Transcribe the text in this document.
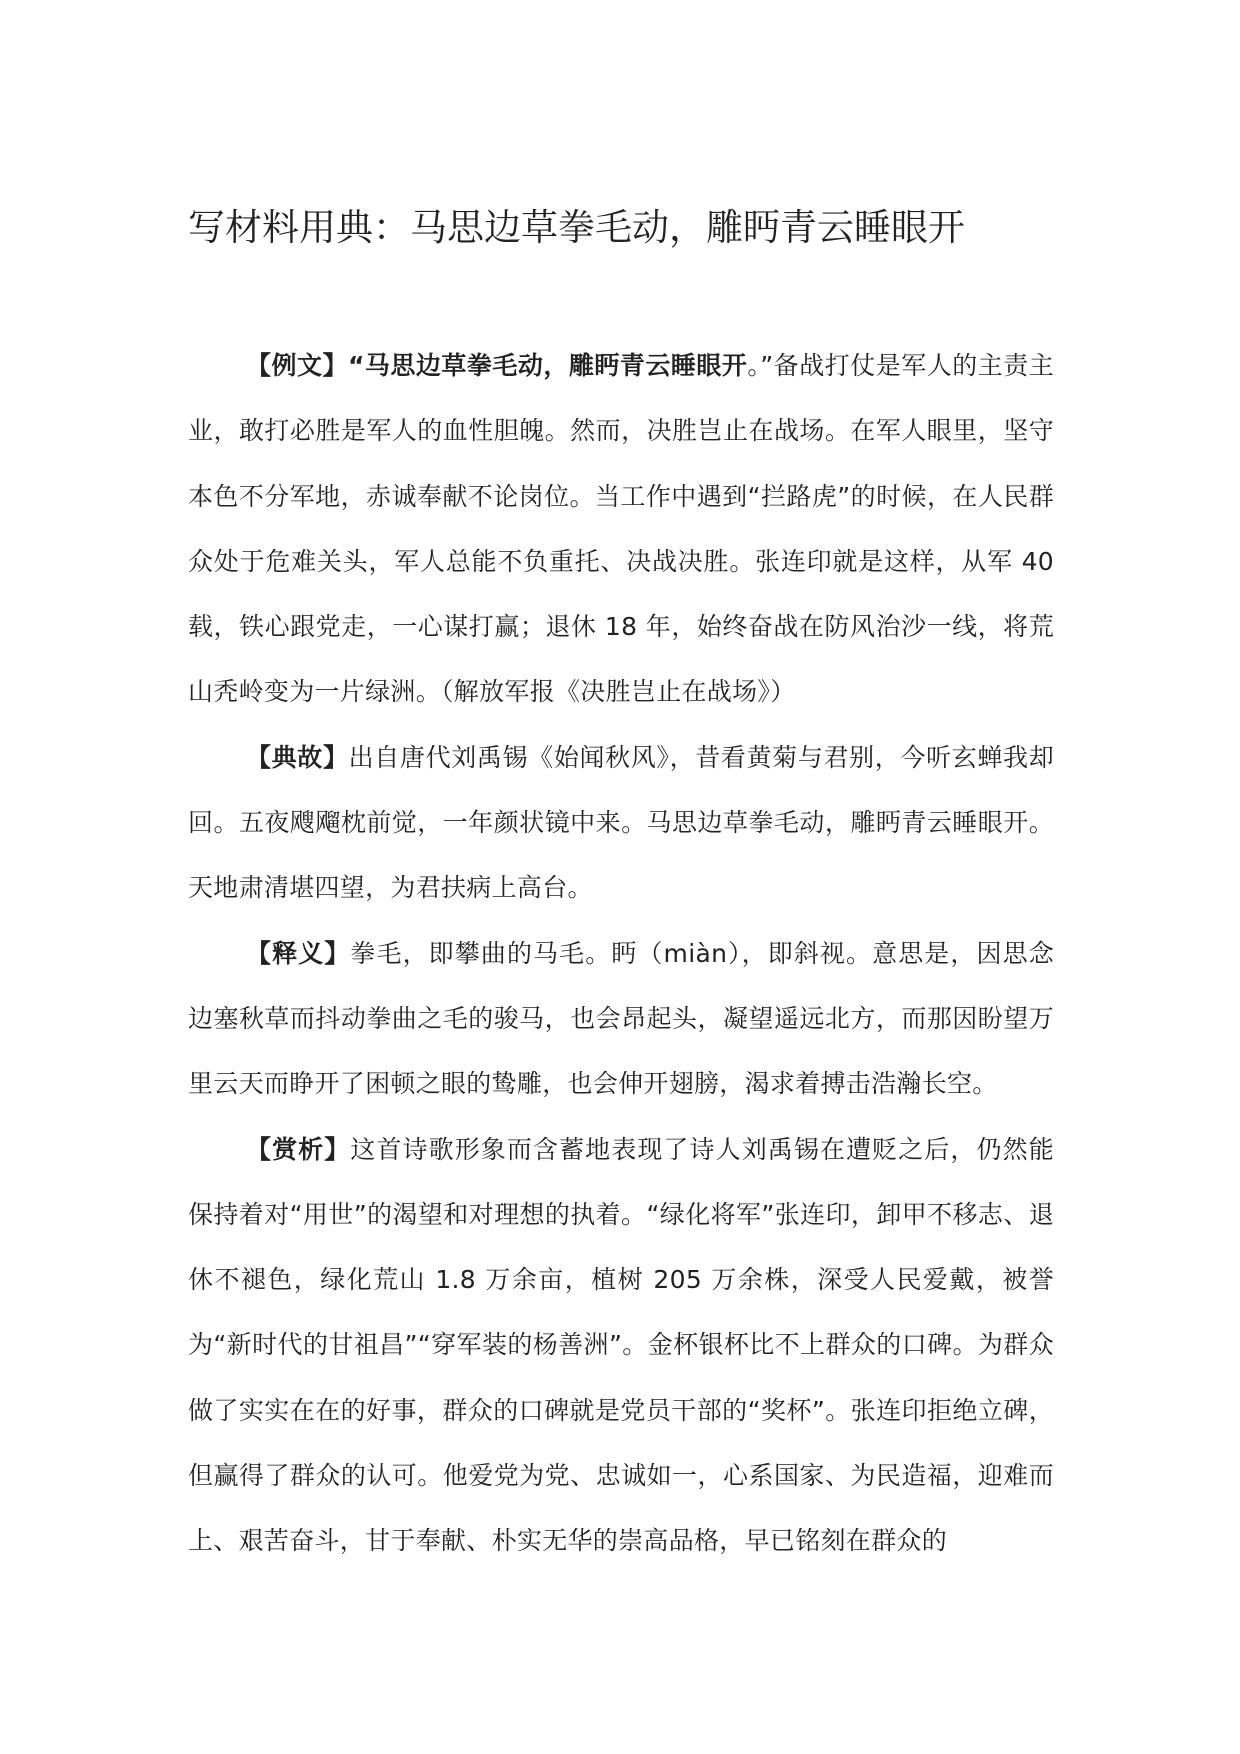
写材料用典：马思边草拳毛动，雕眄青云睡眼开

【例文】“马思边草拳毛动，雕眄青云睡眼开。”备战打仗是军人的主责主业，敢打必胜是军人的血性胆魄。然而，决胜岂止在战场。在军人眼里，坚守本色不分军地，赤诚奉献不论岗位。当工作中遇到“拦路虎”的时候，在人民群众处于危难关头，军人总能不负重托、决战决胜。张连印就是这样，从军 40 载，铁心跟党走，一心谋打赢；退休 18 年，始终奋战在防风治沙一线，将荒山秃岭变为一片绿洲。（解放军报《决胜岂止在战场》）

【典故】出自唐代刘禹锡《始闻秋风》，昔看黄菊与君别，今听玄蝉我却回。五夜飕飗枕前觉，一年颜状镜中来。马思边草拳毛动，雕眄青云睡眼开。天地肃清堪四望，为君扶病上高台。

【释义】拳毛，即攀曲的马毛。眄（miàn），即斜视。意思是，因思念边塞秋草而抖动拳曲之毛的骏马，也会昂起头，凝望遥远北方，而那因盼望万里云天而睁开了困顿之眼的鸷雕，也会伸开翅膀，渴求着搏击浩瀚长空。

【赏析】这首诗歌形象而含蓄地表现了诗人刘禹锡在遭贬之后，仍然能保持着对“用世”的渴望和对理想的执着。“绿化将军”张连印，卸甲不移志、退休不褪色，绿化荒山 1.8 万余亩，植树 205 万余株，深受人民爱戴，被誉为“新时代的甘祖昌”“穿军装的杨善洲”。金杯银杯比不上群众的口碑。为群众做了实实在在的好事，群众的口碑就是党员干部的“奖杯”。张连印拒绝立碑，但赢得了群众的认可。他爱党为党、忠诚如一，心系国家、为民造福，迎难而上、艰苦奋斗，甘于奉献、朴实无华的崇高品格，早已铭刻在群众的
